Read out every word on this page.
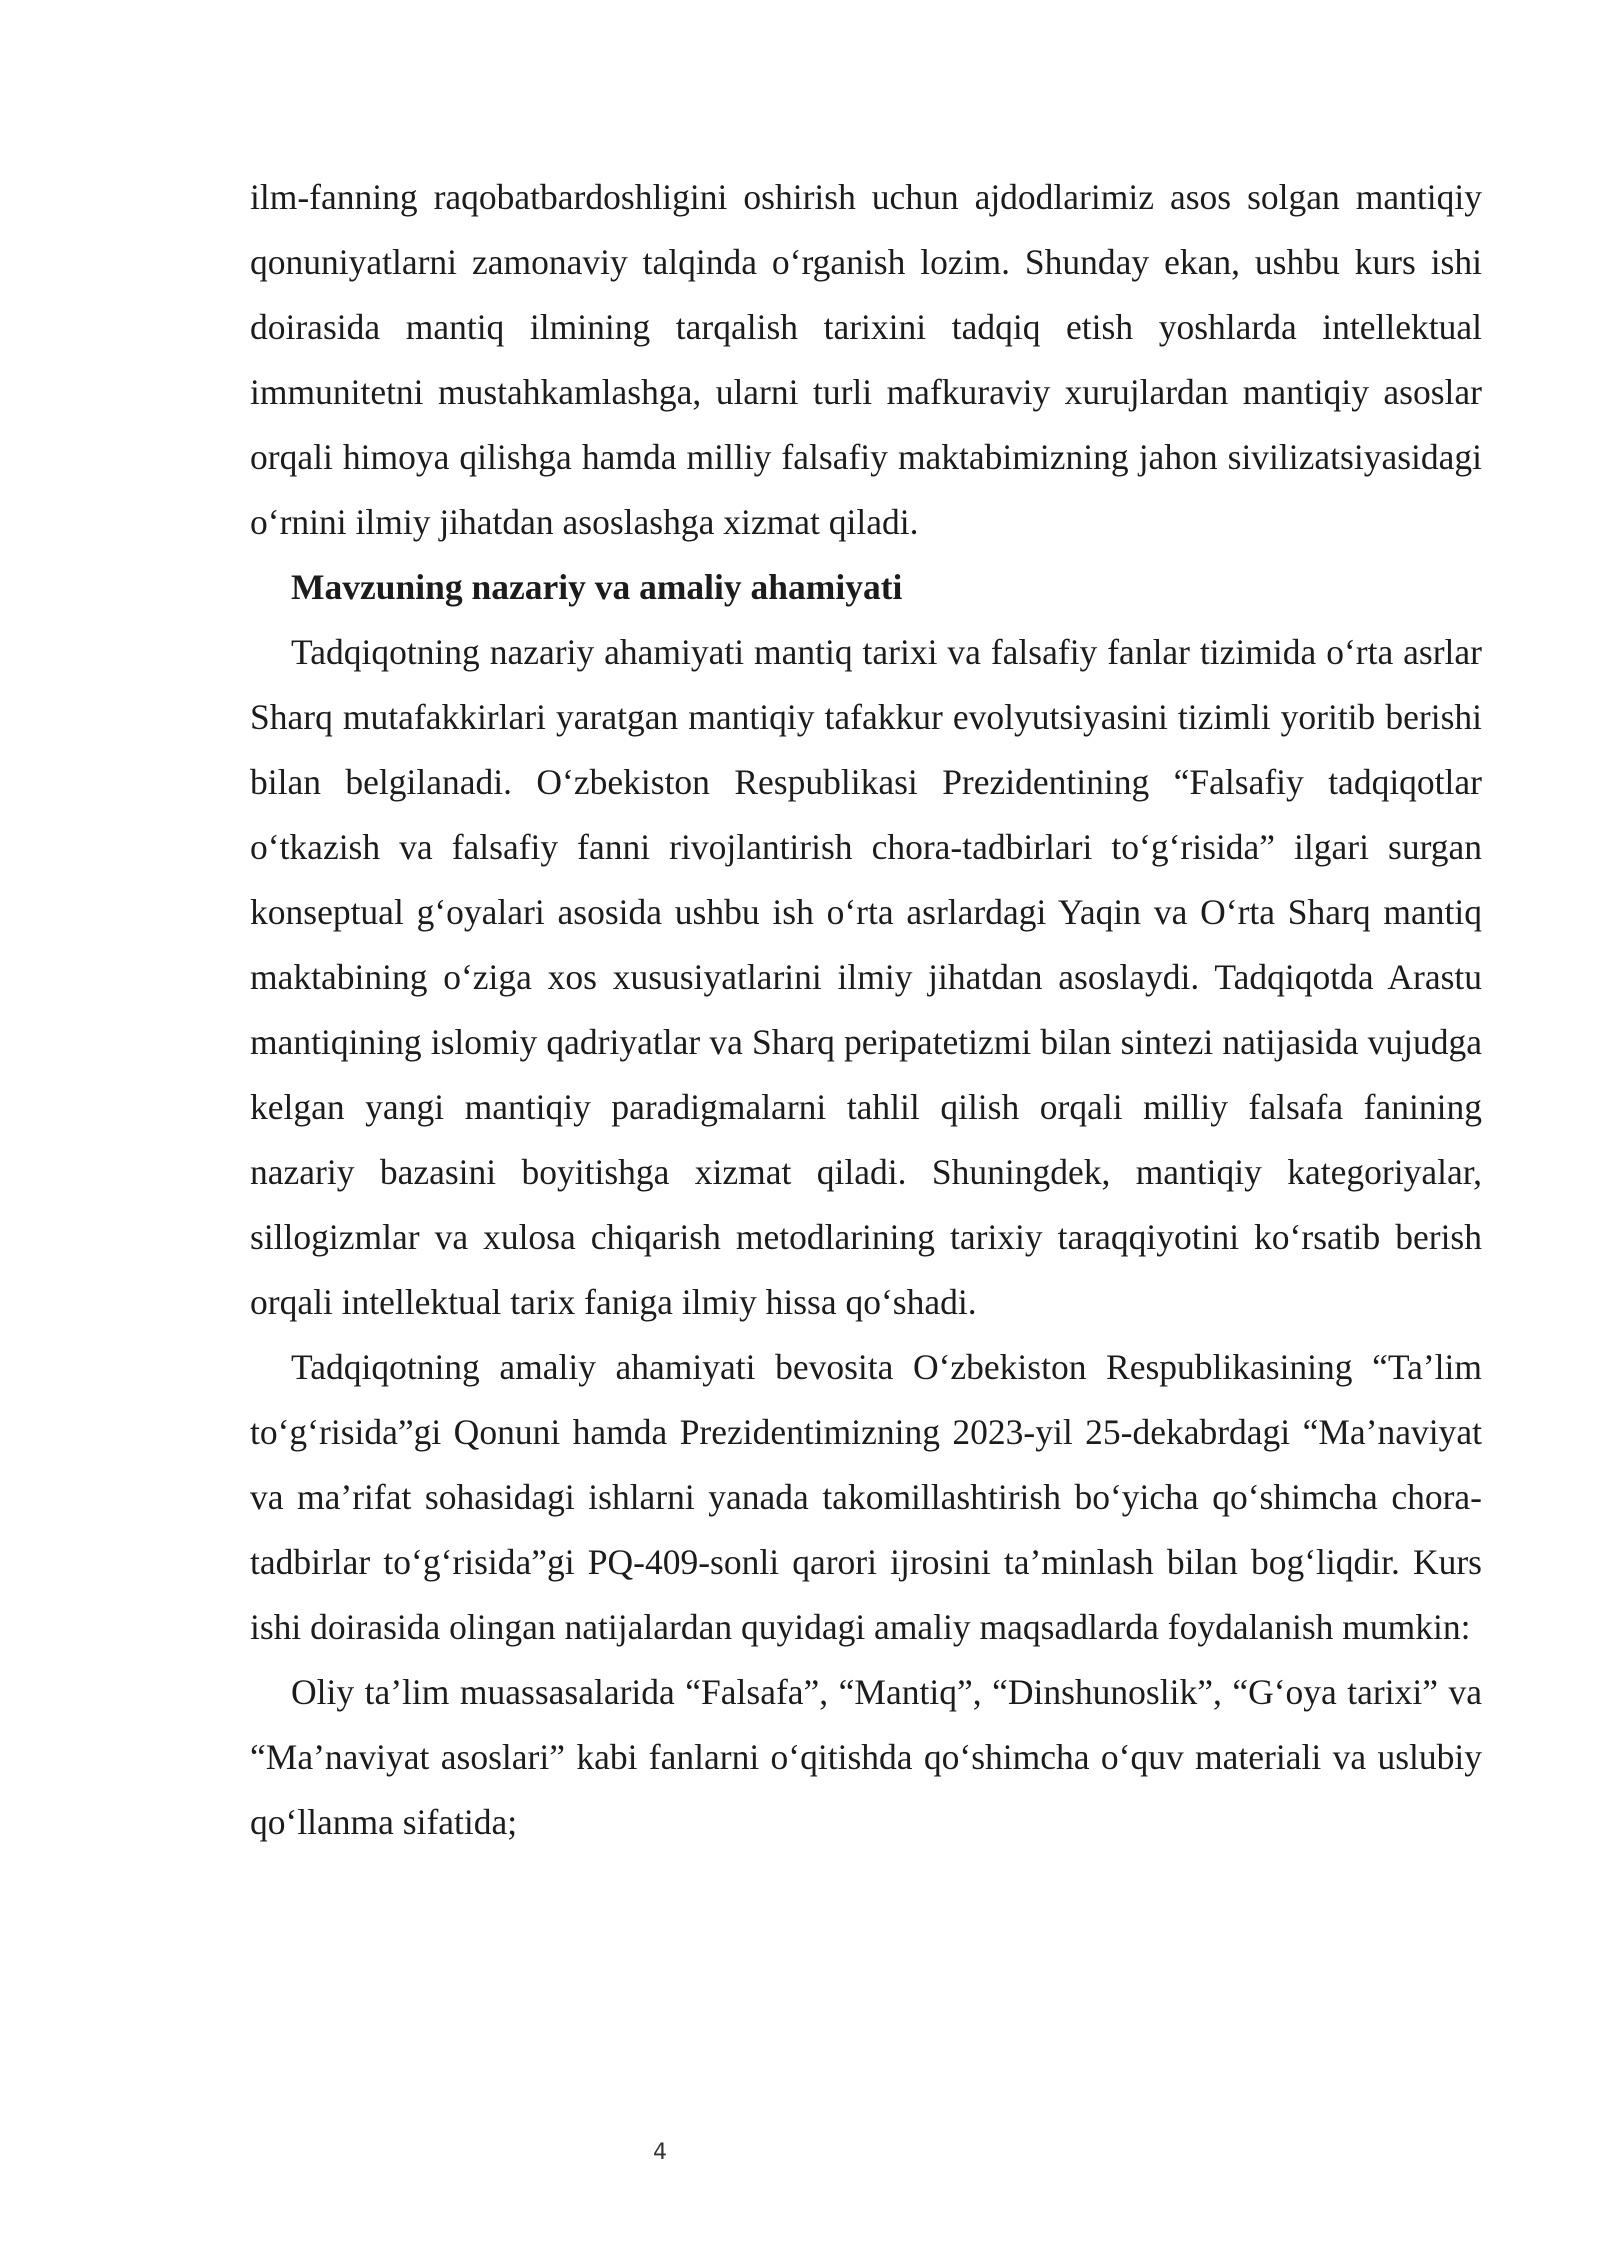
ilm-fanning raqobatbardoshligini oshirish uchun ajdodlarimiz asos solgan mantiqiy qonuniyatlarni zamonaviy talqinda o‘rganish lozim. Shunday ekan, ushbu kurs ishi doirasida mantiq ilmining tarqalish tarixini tadqiq etish yoshlarda intellektual immunitetni mustahkamlashga, ularni turli mafkuraviy xurujlardan mantiqiy asoslar orqali himoya qilishga hamda milliy falsafiy maktabimizning jahon sivilizatsiyasidagi o‘rnini ilmiy jihatdan asoslashga xizmat qiladi.

Mavzuning nazariy va amaliy ahamiyati

Tadqiqotning nazariy ahamiyati mantiq tarixi va falsafiy fanlar tizimida o‘rta asrlar Sharq mutafakkirlari yaratgan mantiqiy tafakkur evolyutsiyasini tizimli yoritib berishi bilan belgilanadi. O‘zbekiston Respublikasi Prezidentining “Falsafiy tadqiqotlar o‘tkazish va falsafiy fanni rivojlantirish chora-tadbirlari to‘g‘risida” ilgari surgan konseptual g‘oyalari asosida ushbu ish o‘rta asrlardagi Yaqin va O‘rta Sharq mantiq maktabining o‘ziga xos xususiyatlarini ilmiy jihatdan asoslaydi. Tadqiqotda Arastu mantiqining islomiy qadriyatlar va Sharq peripatetizmi bilan sintezi natijasida vujudga kelgan yangi mantiqiy paradigmalarni tahlil qilish orqali milliy falsafa fanining nazariy bazasini boyitishga xizmat qiladi. Shuningdek, mantiqiy kategoriyalar, sillogizmlar va xulosa chiqarish metodlarining tarixiy taraqqiyotini ko‘rsatib berish orqali intellektual tarix faniga ilmiy hissa qo‘shadi.

Tadqiqotning amaliy ahamiyati bevosita O‘zbekiston Respublikasining “Ta’lim to‘g‘risida”gi Qonuni hamda Prezidentimizning 2023-yil 25-dekabrdagi “Ma’naviyat va ma’rifat sohasidagi ishlarni yanada takomillashtirish bo‘yicha qo‘shimcha chora-tadbirlar to‘g‘risida”gi PQ-409-sonli qarori ijrosini ta’minlash bilan bog‘liqdir. Kurs ishi doirasida olingan natijalardan quyidagi amaliy maqsadlarda foydalanish mumkin:

Oliy ta’lim muassasalarida “Falsafa”, “Mantiq”, “Dinshunoslik”, “G‘oya tarixi” va “Ma’naviyat asoslari” kabi fanlarni o‘qitishda qo‘shimcha o‘quv materiali va uslubiy qo‘llanma sifatida;

4
